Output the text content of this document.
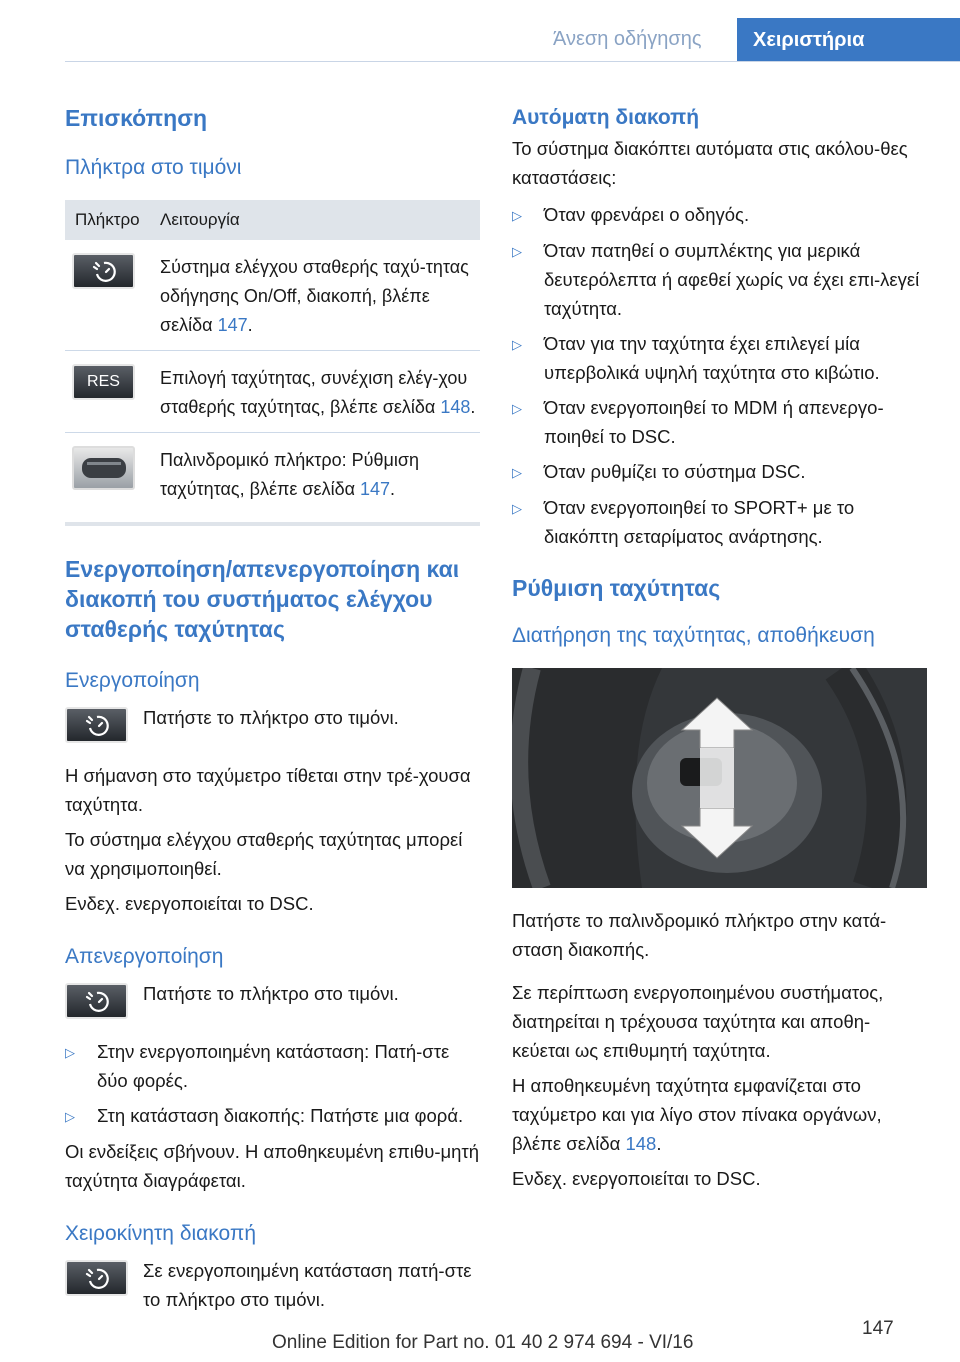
Άνεση οδήγησης	Χειριστήρια
Επισκόπηση
Πλήκτρα στο τιμόνι
Πλήκτρο	Λειτουργία
Σύστημα ελέγχου σταθερής ταχύ-τητας οδήγησης On/Off, διακοπή, βλέπε σελίδα 147.
RES	Επιλογή ταχύτητας, συνέχιση ελέγ-χου σταθερής ταχύτητας, βλέπε σελίδα 148.
Παλινδρομικό πλήκτρο: Ρύθμιση ταχύτητας, βλέπε σελίδα 147.
Ενεργοποίηση/απενεργοποίηση και διακοπή του συστήματος ελέγχου σταθερής ταχύτητας
Ενεργοποίηση

Πατήστε το πλήκτρο στο τιμόνι.

Η σήμανση στο ταχύμετρο τίθεται στην τρέ-χουσα ταχύτητα.

Το σύστημα ελέγχου σταθερής ταχύτητας μπορεί να χρησιμοποιηθεί.

Ενδεχ. ενεργοποιείται το DSC.

Απενεργοποίηση

Πατήστε το πλήκτρο στο τιμόνι.

▷	Στην ενεργοποιημένη κατάσταση: Πατή-στε δύο φορές.
▷	Στη κατάσταση διακοπής: Πατήστε μια φορά.

Οι ενδείξεις σβήνουν. Η αποθηκευμένη επιθυ-μητή ταχύτητα διαγράφεται.

Χειροκίνητη διακοπή

Σε ενεργοποιημένη κατάσταση πατή-στε το πλήκτρο στο τιμόνι.

Αυτόματη διακοπή

Το σύστημα διακόπτει αυτόματα στις ακόλου-θες καταστάσεις:

▷	Όταν φρενάρει ο οδηγός.
▷	Όταν πατηθεί ο συμπλέκτης για μερικά δευτερόλεπτα ή αφεθεί χωρίς να έχει επι-λεγεί ταχύτητα.
▷	Όταν για την ταχύτητα έχει επιλεγεί μία υπερβολικά υψηλή ταχύτητα στο κιβώτιο.
▷	Όταν ενεργοποιηθεί το MDM ή απενεργο-ποιηθεί το DSC.
▷	Όταν ρυθμίζει το σύστημα DSC.
▷	Όταν ενεργοποιηθεί το SPORT+ με το διακόπτη σεταρίματος ανάρτησης.
Ρύθμιση ταχύτητας
Διατήρηση της ταχύτητας, αποθήκευση

Πατήστε το παλινδρομικό πλήκτρο στην κατά-σταση διακοπής.

Σε περίπτωση ενεργοποιημένου συστήματος, διατηρείται η τρέχουσα ταχύτητα και αποθη-κεύεται ως επιθυμητή ταχύτητα.

Η αποθηκευμένη ταχύτητα εμφανίζεται στο ταχύμετρο και για λίγο στον πίνακα οργάνων, βλέπε σελίδα 148.

Ενδεχ. ενεργοποιείται το DSC.

147
Online Edition for Part no. 01 40 2 974 694 - VI/16
